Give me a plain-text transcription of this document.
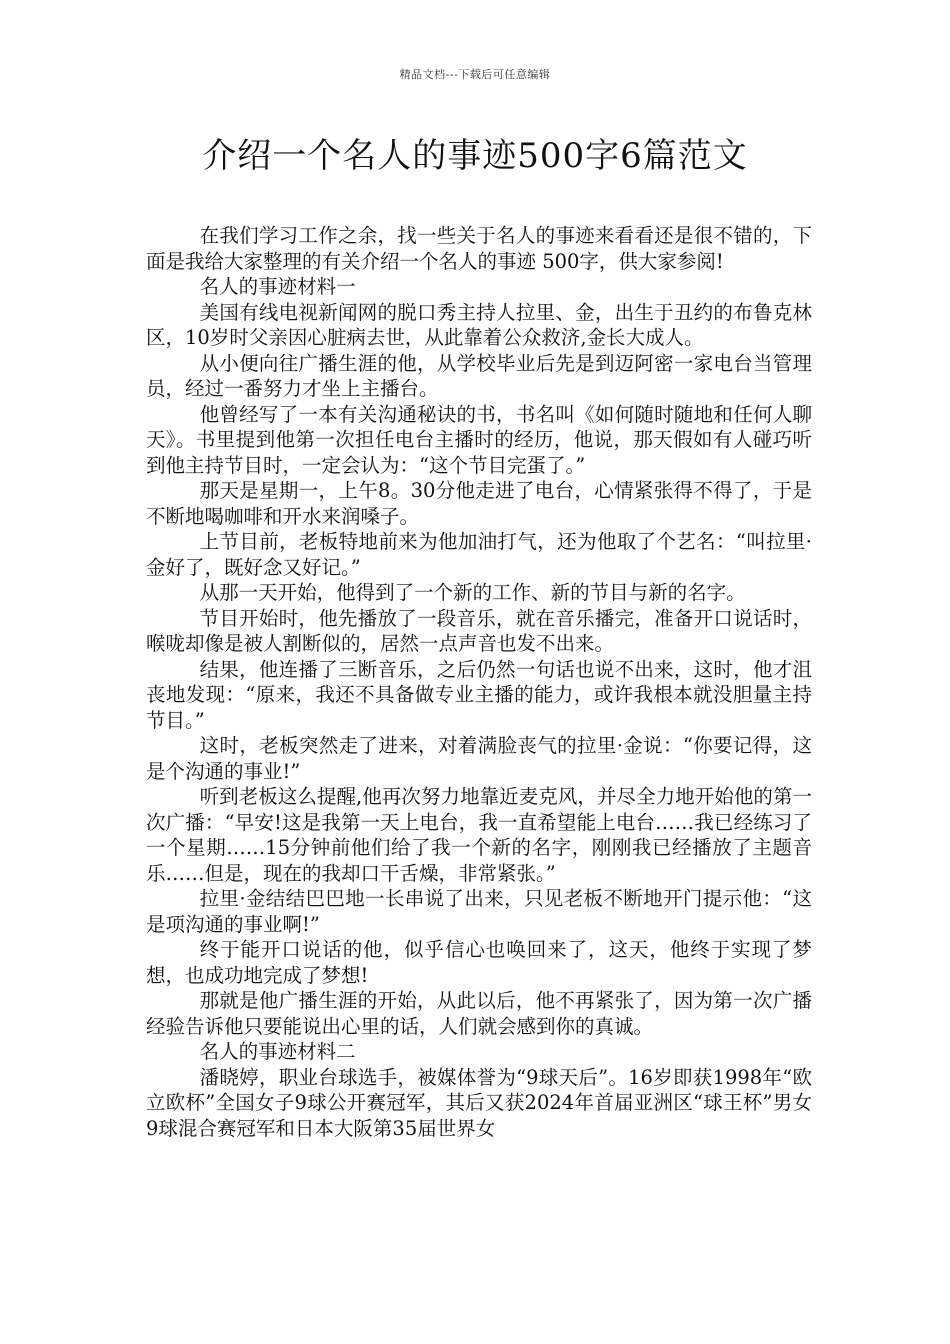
精品文档---下载后可任意编辑
介绍一个名人的事迹500字6篇范文

在我们学习工作之余，找一些关于名人的事迹来看看还是很不错的，下面是我给大家整理的有关介绍一个名人的事迹 500字，供大家参阅!

名人的事迹材料一

美国有线电视新闻网的脱口秀主持人拉里、金，出生于丑约的布鲁克林区，10岁时父亲因心脏病去世，从此靠着公众救济,金长大成人。

从小便向往广播生涯的他，从学校毕业后先是到迈阿密一家电台当管理员，经过一番努力才坐上主播台。

他曾经写了一本有关沟通秘诀的书，书名叫《如何随时随地和任何人聊天》。书里提到他第一次担任电台主播时的经历，他说，那天假如有人碰巧听到他主持节目时，一定会认为：“这个节目完蛋了。”

那天是星期一，上午8。30分他走进了电台，心情紧张得不得了，于是不断地喝咖啡和开水来润嗓子。

上节目前，老板特地前来为他加油打气，还为他取了个艺名：“叫拉里·金好了，既好念又好记。”

从那一天开始，他得到了一个新的工作、新的节目与新的名字。

节目开始时，他先播放了一段音乐，就在音乐播完，准备开口说话时，喉咙却像是被人割断似的，居然一点声音也发不出来。

结果，他连播了三断音乐，之后仍然一句话也说不出来，这时，他才沮丧地发现：“原来，我还不具备做专业主播的能力，或许我根本就没胆量主持节目。”

这时，老板突然走了进来，对着满脸丧气的拉里·金说：“你要记得，这是个沟通的事业!”

听到老板这么提醒,他再次努力地靠近麦克风，并尽全力地开始他的第一次广播：“早安!这是我第一天上电台，我一直希望能上电台……我已经练习了一个星期……15分钟前他们给了我一个新的名字，刚刚我已经播放了主题音乐……但是，现在的我却口干舌燥，非常紧张。”

拉里·金结结巴巴地一长串说了出来，只见老板不断地开门提示他：“这是项沟通的事业啊!”

终于能开口说话的他，似乎信心也唤回来了，这天，他终于实现了梦想，也成功地完成了梦想!

那就是他广播生涯的开始，从此以后，他不再紧张了，因为第一次广播经验告诉他只要能说出心里的话，人们就会感到你的真诚。

名人的事迹材料二

潘晓婷，职业台球选手，被媒体誉为“9球天后”。16岁即获1998年“欧立欧杯”全国女子9球公开赛冠军，其后又获2024年首届亚洲区“球王杯”男女9球混合赛冠军和日本大阪第35届世界女
